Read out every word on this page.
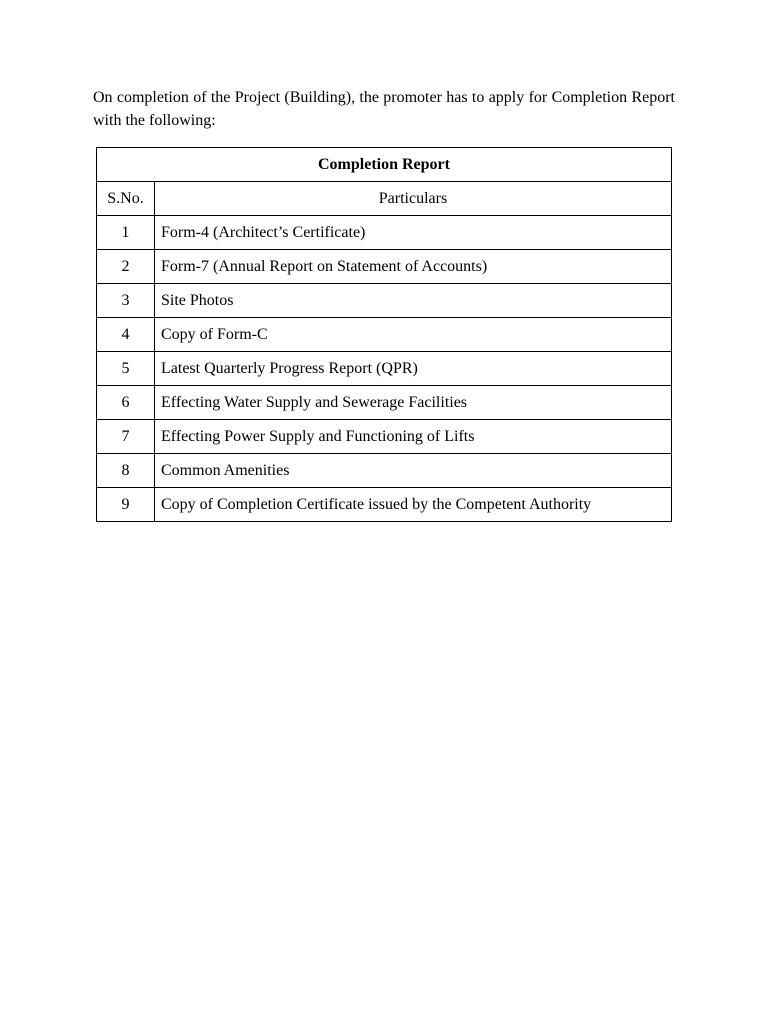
On completion of the Project (Building), the promoter has to apply for Completion Report with the following:

Completion Report	
S.No.	Particulars
1	Form-4 (Architect’s Certificate)
2	Form-7 (Annual Report on Statement of Accounts)
3	Site Photos
4	Copy of Form-C
5	Latest Quarterly Progress Report (QPR)
6	Effecting Water Supply and Sewerage Facilities
7	Effecting Power Supply and Functioning of Lifts
8	Common Amenities
9	Copy of Completion Certificate issued by the Competent Authority
